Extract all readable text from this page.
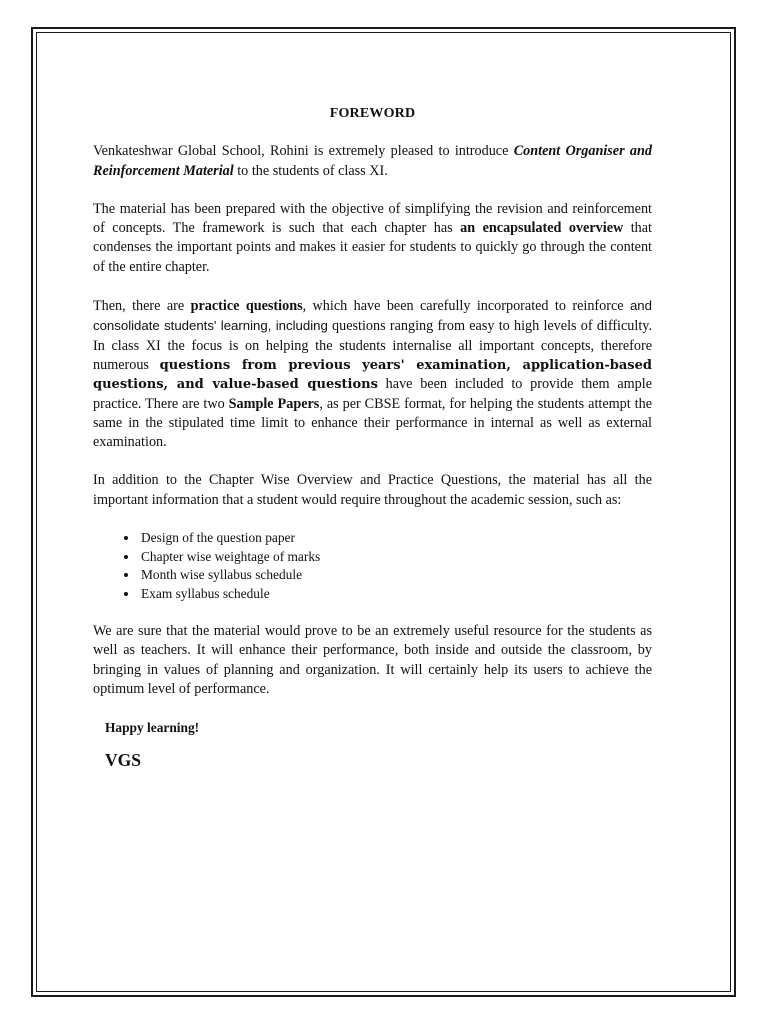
FOREWORD

Venkateshwar Global School, Rohini is extremely pleased to introduce Content Organiser and Reinforcement Material to the students of class XI.

The material has been prepared with the objective of simplifying the revision and reinforcement of concepts. The framework is such that each chapter has an encapsulated overview that condenses the important points and makes it easier for students to quickly go through the content of the entire chapter.

Then, there are practice questions, which have been carefully incorporated to reinforce and consolidate students' learning, including questions ranging from easy to high levels of difficulty. In class XI the focus is on helping the students internalise all important concepts, therefore numerous questions from previous years' examination, application-based questions, and value-based questions have been included to provide them ample practice. There are two Sample Papers, as per CBSE format, for helping the students attempt the same in the stipulated time limit to enhance their performance in internal as well as external examination.

In addition to the Chapter Wise Overview and Practice Questions, the material has all the important information that a student would require throughout the academic session, such as:

• Design of the question paper
• Chapter wise weightage of marks
• Month wise syllabus schedule
• Exam syllabus schedule

We are sure that the material would prove to be an extremely useful resource for the students as well as teachers. It will enhance their performance, both inside and outside the classroom, by bringing in values of planning and organization. It will certainly help its users to achieve the optimum level of performance.

Happy learning!
VGS
